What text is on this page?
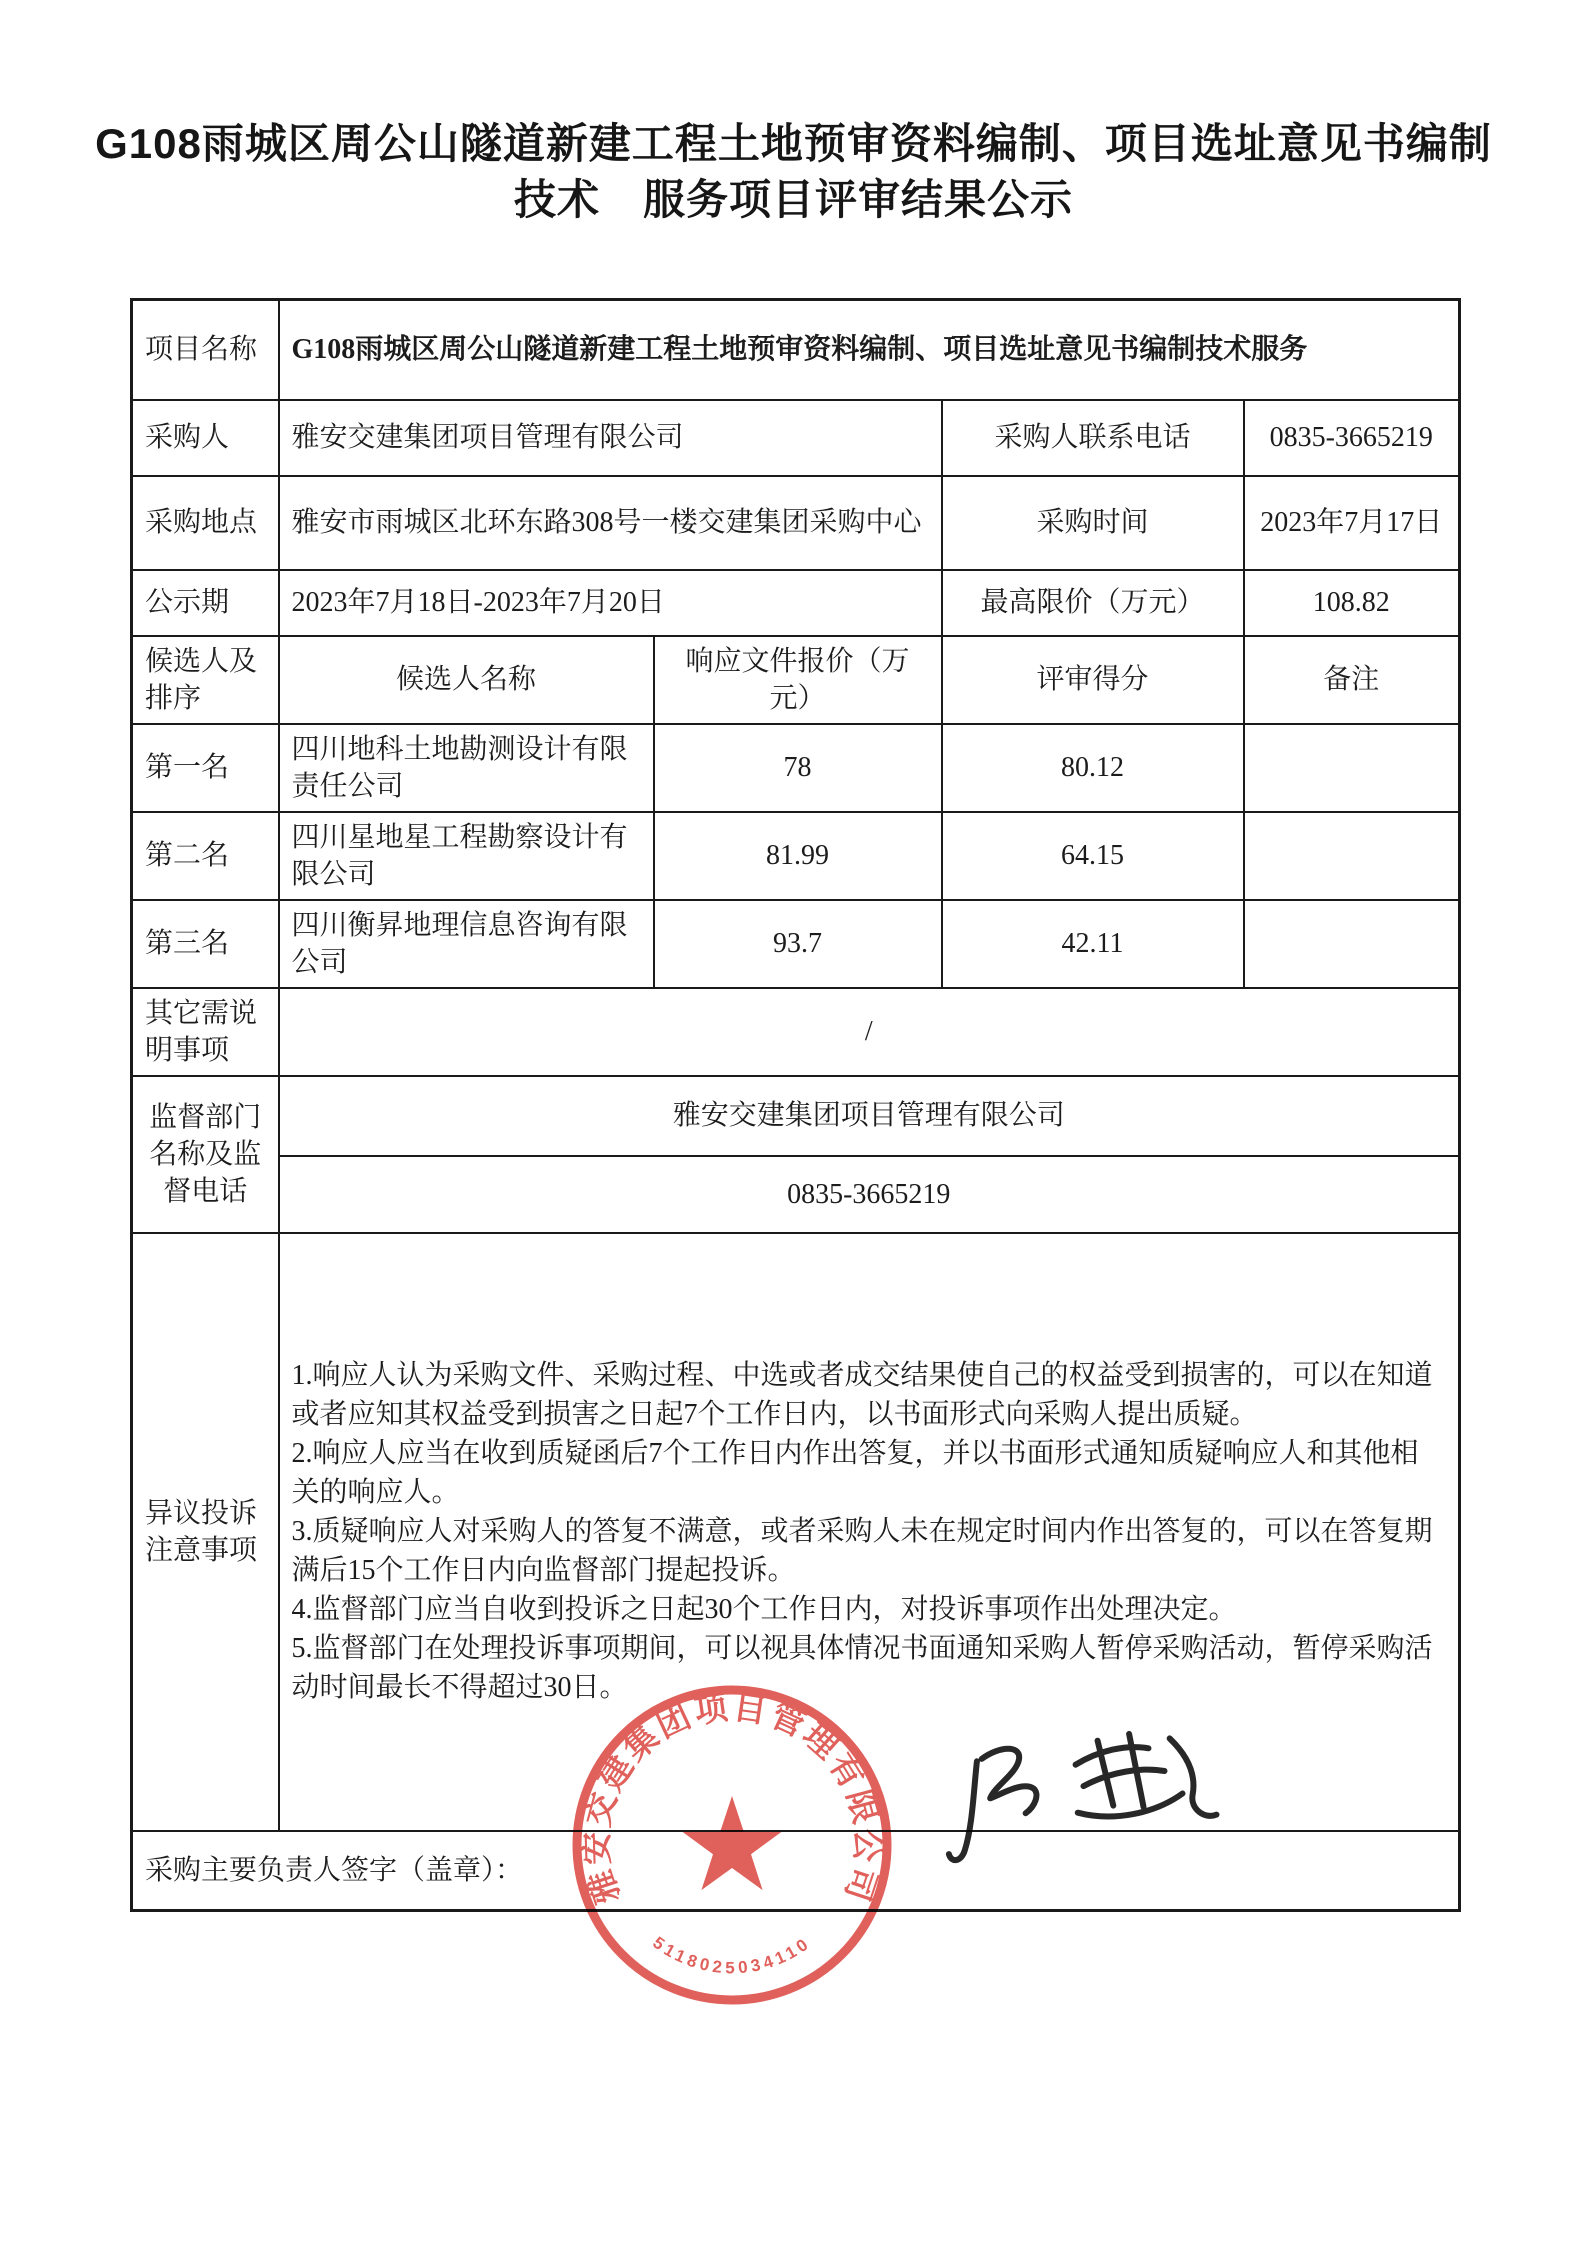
G108雨城区周公山隧道新建工程土地预审资料编制、项目选址意见书编制
技术　服务项目评审结果公示
项目名称	G108雨城区周公山隧道新建工程土地预审资料编制、项目选址意见书编制技术服务			
采购人	雅安交建集团项目管理有限公司		采购人联系电话	0835-3665219
采购地点	雅安市雨城区北环东路308号一楼交建集团采购中心		采购时间	2023年7月17日
公示期	2023年7月18日-2023年7月20日		最高限价（万元）	108.82
候选人及排序	候选人名称	响应文件报价（万元）	评审得分	备注
第一名	四川地科土地勘测设计有限责任公司	78	80.12	
第二名	四川星地星工程勘察设计有限公司	81.99	64.15	
第三名	四川衡昇地理信息咨询有限公司	93.7	42.11	
其它需说明事项	/			
监督部门名称及监督电话	雅安交建集团项目管理有限公司			
	0835-3665219			
异议投诉注意事项	1.响应人认为采购文件、采购过程、中选或者成交结果使自己的权益受到损害的，可以在知道或者应知其权益受到损害之日起7个工作日内，以书面形式向采购人提出质疑。
2.响应人应当在收到质疑函后7个工作日内作出答复，并以书面形式通知质疑响应人和其他相关的响应人。
3.质疑响应人对采购人的答复不满意，或者采购人未在规定时间内作出答复的，可以在答复期满后15个工作日内向监督部门提起投诉。
4.监督部门应当自收到投诉之日起30个工作日内，对投诉事项作出处理决定。
5.监督部门在处理投诉事项期间，可以视具体情况书面通知采购人暂停采购活动，暂停采购活动时间最长不得超过30日。			

采购主要负责人签字（盖章）：				雅安交建集团项目管理有限公司
5118025034110
